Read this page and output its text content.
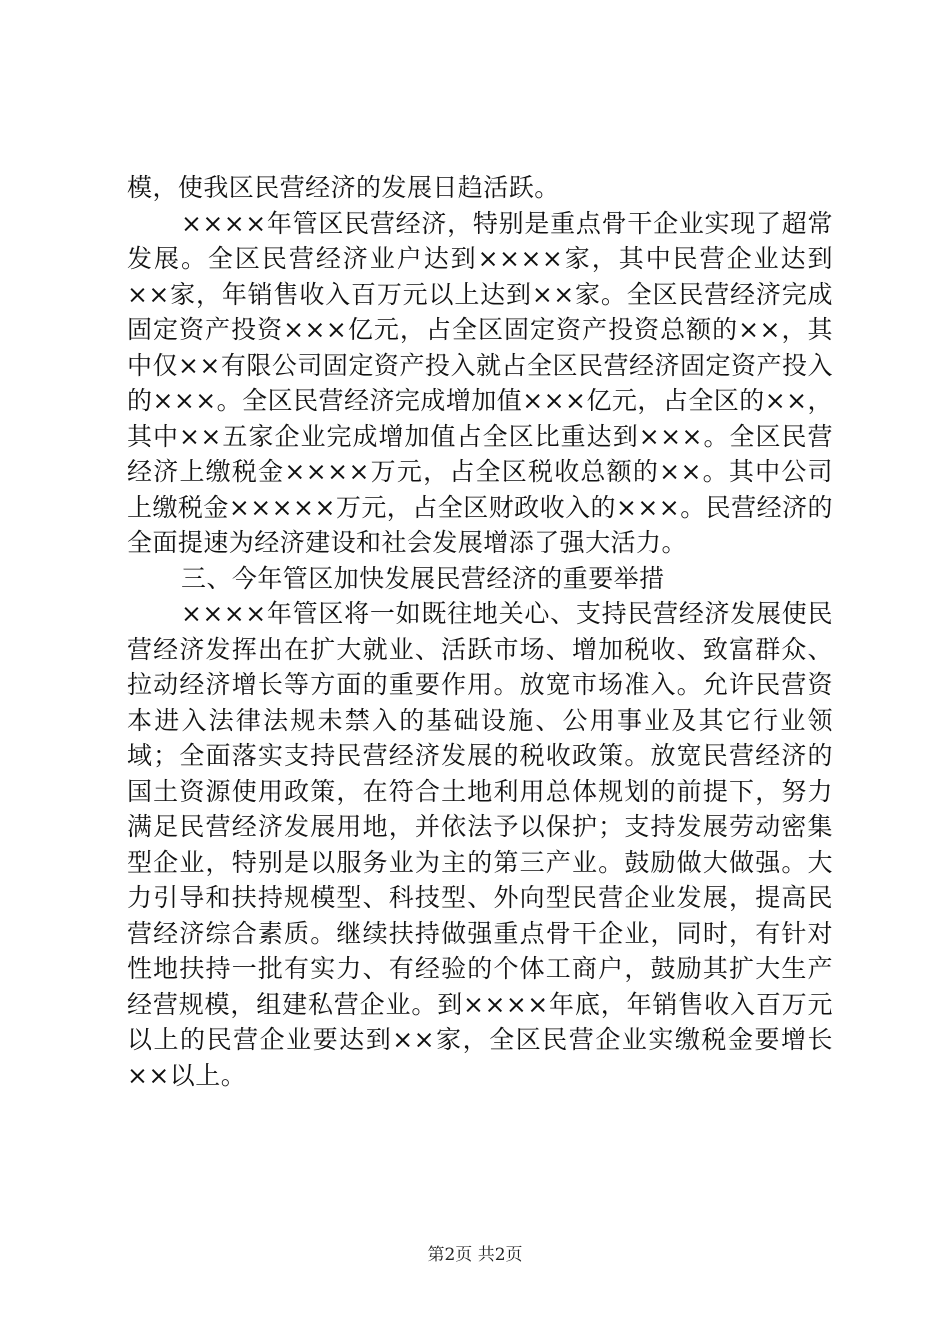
模，使我区民营经济的发展日趋活跃。

××××年管区民营经济，特别是重点骨干企业实现了超常发展。全区民营经济业户达到××××家，其中民营企业达到××家，年销售收入百万元以上达到××家。全区民营经济完成固定资产投资×××亿元，占全区固定资产投资总额的××，其中仅××有限公司固定资产投入就占全区民营经济固定资产投入的×××。全区民营经济完成增加值×××亿元，占全区的××，其中××五家企业完成增加值占全区比重达到×××。全区民营经济上缴税金××××万元，占全区税收总额的××。其中公司上缴税金×××××万元，占全区财政收入的×××。民营经济的全面提速为经济建设和社会发展增添了强大活力。

三、今年管区加快发展民营经济的重要举措

××××年管区将一如既往地关心、支持民营经济发展使民营经济发挥出在扩大就业、活跃市场、增加税收、致富群众、拉动经济增长等方面的重要作用。放宽市场准入。允许民营资本进入法律法规未禁入的基础设施、公用事业及其它行业领域；全面落实支持民营经济发展的税收政策。放宽民营经济的国土资源使用政策，在符合土地利用总体规划的前提下，努力满足民营经济发展用地，并依法予以保护；支持发展劳动密集型企业，特别是以服务业为主的第三产业。鼓励做大做强。大力引导和扶持规模型、科技型、外向型民营企业发展，提高民营经济综合素质。继续扶持做强重点骨干企业，同时，有针对性地扶持一批有实力、有经验的个体工商户，鼓励其扩大生产经营规模，组建私营企业。到××××年底，年销售收入百万元以上的民营企业要达到××家，全区民营企业实缴税金要增长××以上。

第2页 共2页
